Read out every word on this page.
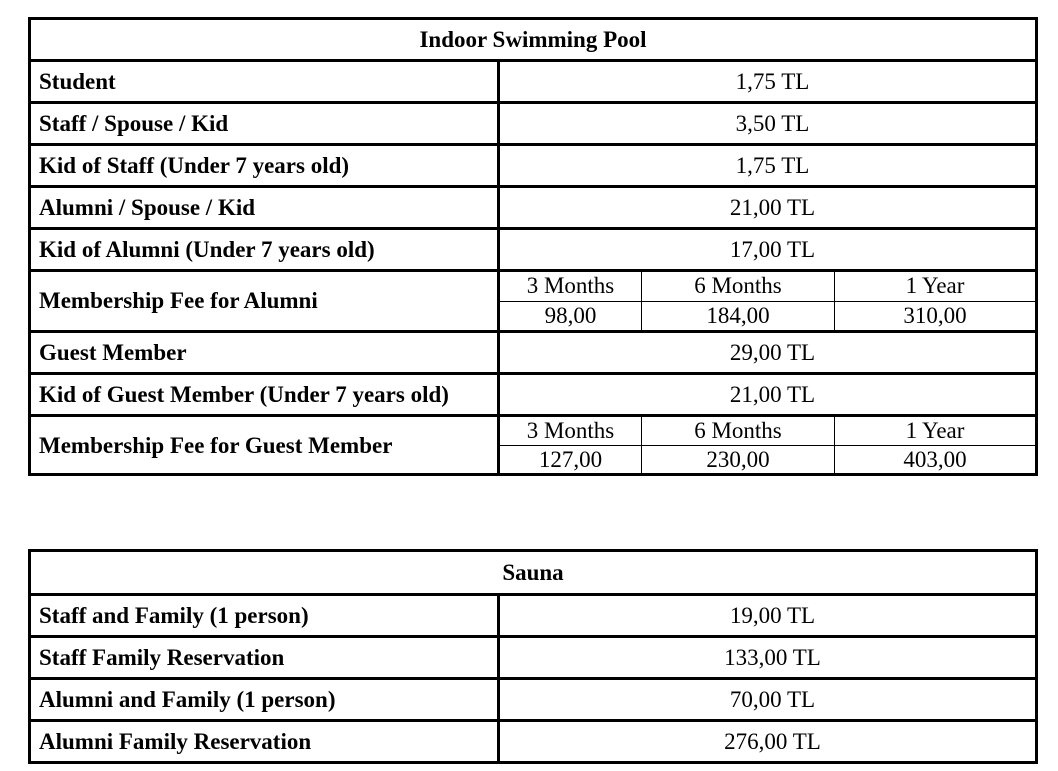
Indoor Swimming Pool
Student	1,75 TL
Staff / Spouse / Kid	3,50 TL
Kid of Staff (Under 7 years old)	1,75 TL
Alumni / Spouse / Kid	21,00 TL
Kid of Alumni (Under 7 years old)	17,00 TL
Membership Fee for Alumni
3 Months	6 Months	1 Year
98,00	184,00	310,00
Guest Member	29,00 TL
Kid of Guest Member (Under 7 years old)	21,00 TL
Membership Fee for Guest Member
3 Months	6 Months	1 Year
127,00	230,00	403,00
Sauna
Staff and Family (1 person)	19,00 TL
Staff Family Reservation	133,00 TL
Alumni and Family (1 person)	70,00 TL
Alumni Family Reservation	276,00 TL
